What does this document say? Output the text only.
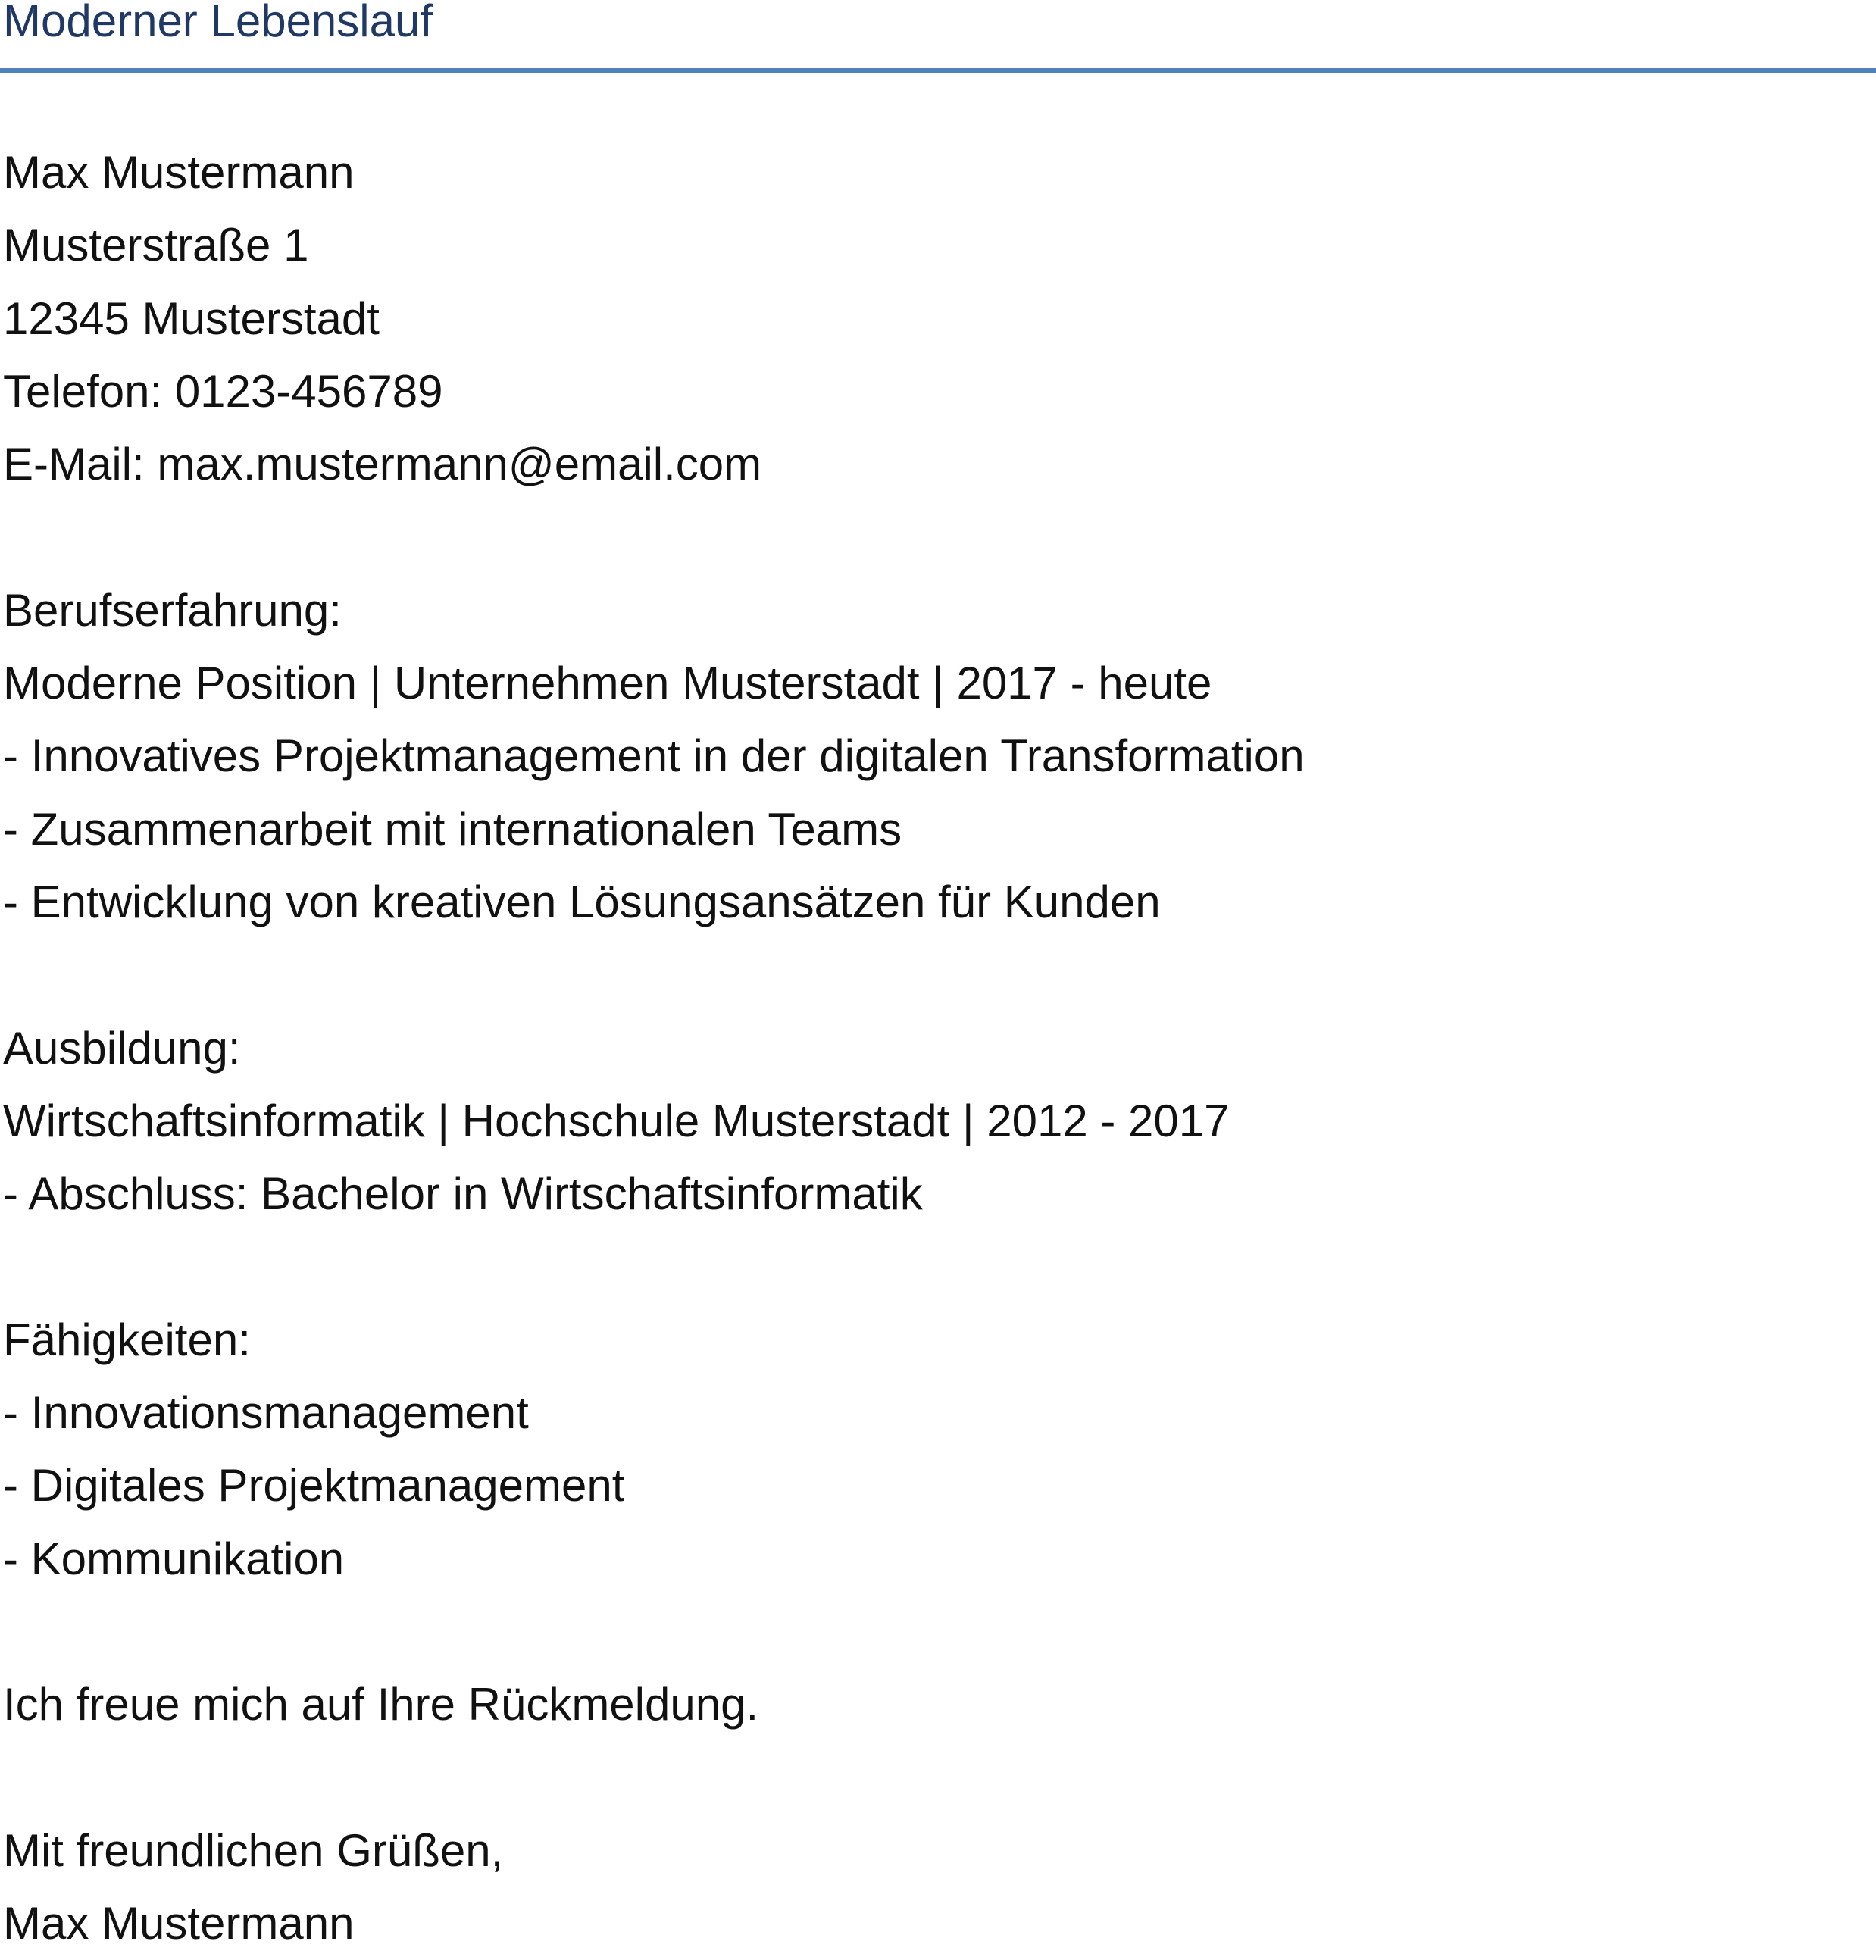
Moderner Lebenslauf
Max Mustermann
Musterstraße 1
12345 Musterstadt
Telefon: 0123-456789
E-Mail: max.mustermann@email.com
Berufserfahrung:
Moderne Position | Unternehmen Musterstadt | 2017 - heute
- Innovatives Projektmanagement in der digitalen Transformation
- Zusammenarbeit mit internationalen Teams
- Entwicklung von kreativen Lösungsansätzen für Kunden
Ausbildung:
Wirtschaftsinformatik | Hochschule Musterstadt | 2012 - 2017
- Abschluss: Bachelor in Wirtschaftsinformatik
Fähigkeiten:
- Innovationsmanagement
- Digitales Projektmanagement
- Kommunikation
Ich freue mich auf Ihre Rückmeldung.
Mit freundlichen Grüßen,
Max Mustermann
